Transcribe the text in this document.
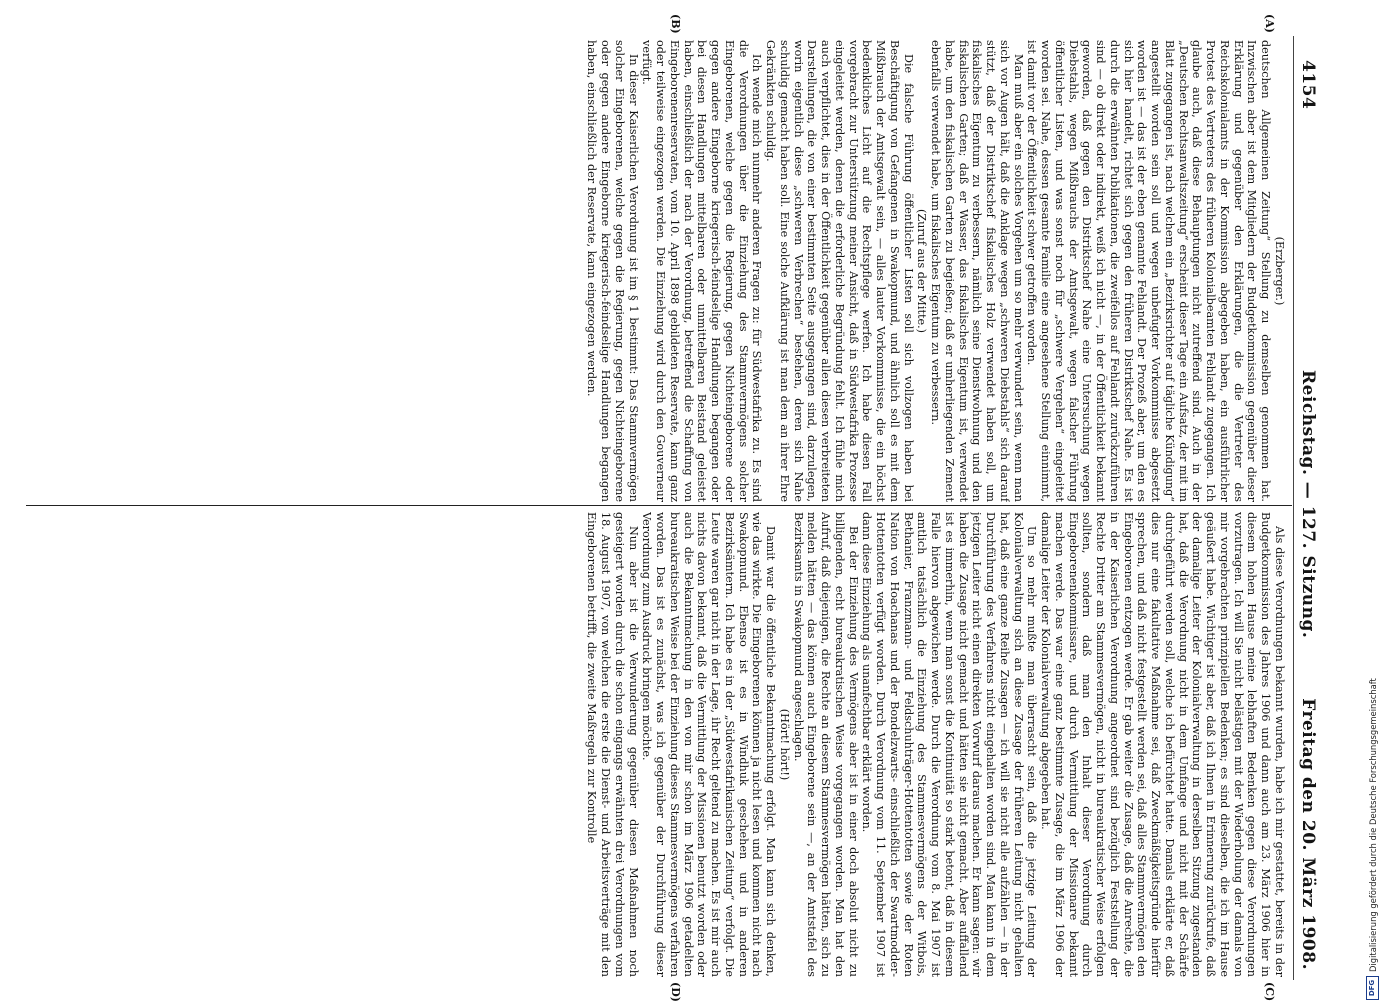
4154
Reichstag. — 127. Sitzung.
Freitag den 20. März 1908.
(A)
(B)
(C)
(D)

(Erzberger.)

deutschen Allgemeinen Zeitung“ Stellung zu demselben genommen hat. Inzwischen aber ist dem Mitgliedern der Budgetkommission gegenüber dieser Erklärung und gegenüber den Erklärungen, die die Vertreter des Reichskolonialamts in der Kommission abgegeben haben, ein ausführlicher Protest des Vertreters des früheren Kolonialbeamten Fehlandt zugegangen. Ich glaube auch, daß diese Behauptungen nicht zutreffend sind. Auch in der „Deutschen Rechtsanwaltszeitung“ erscheint dieser Tage ein Aufsatz, der mit im Blatt zugegangen ist, nach welchem ein „Bezirksrichter auf tägliche Kündigung“ angestellt worden sein soll und wegen unbefugter Vorkommnisse abgesetzt worden ist — das ist der eben genannte Fehlandt. Der Prozeß aber, um den es sich hier handelt, richtet sich gegen den früheren Distriktschef Nahe. Es ist durch die erwähnten Publikationen, die zweifellos auf Fehlandt zurückzuführen sind — ob direkt oder indirekt, weiß ich nicht —, in der Öffentlichkeit bekannt geworden, daß gegen den Distriktschef Nahe eine Untersuchung wegen Diebstahls, wegen Mißbrauchs der Amtsgewalt, wegen falscher Führung öffentlicher Listen, und was sonst noch für „schwere Vergehen“ eingeleitet worden sei. Nahe, dessen gesamte Familie eine angesehene Stellung einnimmt, ist damit vor der Öffentlichkeit schwer getroffen worden.

Man muß aber ein solches Vorgehen um so mehr verwundert sein, wenn man sich vor Augen hält, daß die Anklage wegen „schweren Diebstahls“ sich darauf stützt, daß der Distriktschef fiskalisches Holz verwendet haben soll, um fiskalisches Eigentum zu verbessern, nämlich seine Dienstwohnung und den fiskalischen Garten; daß er Wasser, das fiskalisches Eigentum ist, verwendet habe, um den fiskalischen Garten zu begießen; daß er umherliegenden Zement ebenfalls verwendet habe, um fiskalisches Eigentum zu verbessern.

(Zuruf aus der Mitte.)

Die falsche Führung öffentlicher Listen soll sich vollzogen haben bei Beschäftigung von Gefangenen in Swakopmund, und ähnlich soll es mit dem Mißbrauch der Amtsgewalt sein, — alles lauter Vorkommnisse, die ein höchst bedenkliches Licht auf die Rechtspflege werfen. Ich habe diesen Fall vorgebracht zur Unterstützung meiner Ansicht, daß in Südwestafrika Prozesse eingeleitet werden, denen die erforderliche Begründung fehlt. Ich fühle mich auch verpflichtet, dies in der Öffentlichkeit gegenüber allen diesen verbreiteten Darstellungen, die von einer bestimmten Seite ausgegangen sind, darzulegen, worin eigentlich diese „schweren Verbrechen“ bestehen, deren sich Nahe schuldig gemacht haben soll. Eine solche Aufklärung ist man dem an ihrer Ehre Gekränkten schuldig.

Ich wende mich nunmehr anderen Fragen zu: für Südwestafrika zu. Es sind die Verordnungen über die Einziehung des Stammvermögens solcher Eingeborenen, welche gegen die Regierung, gegen Nichteingeborene oder gegen andere Eingeborne kriegerisch-feindselige Handlungen begangen oder bei diesen Handlungen mittelbaren oder unmittelbaren Beistand geleistet haben, einschließlich der nach der Verordnung, betreffend die Schaffung von Eingeborenenreservaten, vom 10. April 1898 gebildeten Reservate, kann ganz oder teilweise eingezogen werden. Die Einziehung wird durch den Gouverneur verfügt.

In dieser Kaiserlichen Verordnung ist im § 1 bestimmt: Das Stammvermögen solcher Eingeborenen, welche gegen die Regierung, gegen Nichteingeborene oder gegen andere Eingeborne kriegerisch-feindselige Handlungen begangen haben, einschließlich der Reservate, kann eingezogen werden.

Als diese Verordnungen bekannt wurden, habe ich mir gestattet, bereits in der Budgetkommission des Jahres 1906 und dann auch am 23. März 1906 hier in diesem hohen Hause meine lebhaften Bedenken gegen diese Verordnungen vorzutragen. Ich will Sie nicht belästigen mit der Wiederholung der damals von mir vorgebrachten prinzipiellen Bedenken; es sind dieselben, die ich im Hause geäußert habe. Wichtiger ist aber, daß ich Ihnen in Erinnerung zurückrufe, daß der damalige Leiter der Kolonialverwaltung in derselben Sitzung zugestanden hat, daß die Verordnung nicht in dem Umfange und nicht mit der Schärfe durchgeführt werden soll, welche ich befürchtet hatte. Damals erklärte er, daß dies nur eine fakultative Maßnahme sei, daß Zweckmäßigkeitsgründe hierfür sprechen, und daß nicht festgestellt werden sei, daß alles Stammvermögen den Eingeborenen entzogen werde. Er gab weiter die Zusage, daß die Anrechte, die in der Kaiserlichen Verordnung angeordnet sind bezüglich Feststellung der Rechte Dritter am Stammesvermögen, nicht in bureaukratischer Weise erfolgen sollten, sondern daß man den Inhalt dieser Verordnung durch Eingeborenenkommissare, und durch Vermittlung der Missionare bekannt machen werde. Das war eine ganz bestimmte Zusage, die im März 1906 der damalige Leiter der Kolonialverwaltung abgegeben hat.

Um so mehr mußte man überrascht sein, daß die jetzige Leitung der Kolonialverwaltung sich an diese Zusage der früheren Leitung nicht gehalten hat, daß eine ganze Reihe Zusagen — ich will sie nicht alle aufzählen — in der Durchführung des Verfahrens nicht eingehalten worden sind. Man kann in dem jetzigen Leiter nicht einen direkten Vorwurf daraus machen. Er kann sagen: wir haben die Zusage nicht gemacht und hätten sie nicht gemacht. Aber auffallend ist es immerhin, wenn man sonst die Kontinuität so stark betont, daß in diesem Falle hiervon abgewichen werde. Durch die Verordnung vom 8. Mai 1907 ist amtlich tatsächlich die Einziehung des Stammesvermögens der Witbois, Bethanier, Franzmann- und Feldschuhträger-Hottentotten sowie der Roten Nation von Hoachanas und der Bondelzwarts- einschließlich der Swartmodder-Hottentotten verfügt worden. Durch Verordnung vom 11. September 1907 ist dann diese Einziehung als unanfechtbar erklärt worden.

Bei der Einziehung des Vermögens aber ist in einer doch absolut nicht zu billigenden, echt bureaukratischen Weise vorgegangen worden. Man hat den Aufruf, daß diejenigen, die Rechte an diesem Stammesvermögen hätten, sich zu melden hätten — das können auch Eingeborene sein —, an der Amtstafel des Bezirksamts in Swakopmund angeschlagen.

(Hört! hört!)

Damit war die öffentliche Bekanntmachung erfolgt. Man kann sich denken, wie das wirkte. Die Eingeborenen können ja nicht lesen und kommen nicht nach Swakopmund. Ebenso ist es in Windhuk geschehen und in anderen Bezirksämtern. Ich habe es in der „Südwestafrikanischen Zeitung“ verfolgt. Die Leute waren gar nicht in der Lage, ihr Recht geltend zu machen. Es ist mir auch nichts davon bekannt, daß die Vermittlung der Missionen benutzt worden oder auch die Bekanntmachung in den von mir schon im März 1906 getadelten bureaukratischen Weise bei der Einziehung dieses Stammesvermögens verfahren worden. Das ist es zunächst, was ich gegenüber der Durchführung dieser Verordnung zum Ausdruck bringen möchte.

Nun aber ist die Verwunderung gegenüber diesen Maßnahmen noch gesteigert worden durch die schon eingangs erwähnten drei Verordnungen vom 18. August 1907, von welchen die erste die Dienst- und Arbeitsverträge mit den Eingeborenen betrifft, die zweite Maßregeln zur Kontrolle

DFG
Digitalisierung gefördert durch die Deutsche Forschungsgemeinschaft
